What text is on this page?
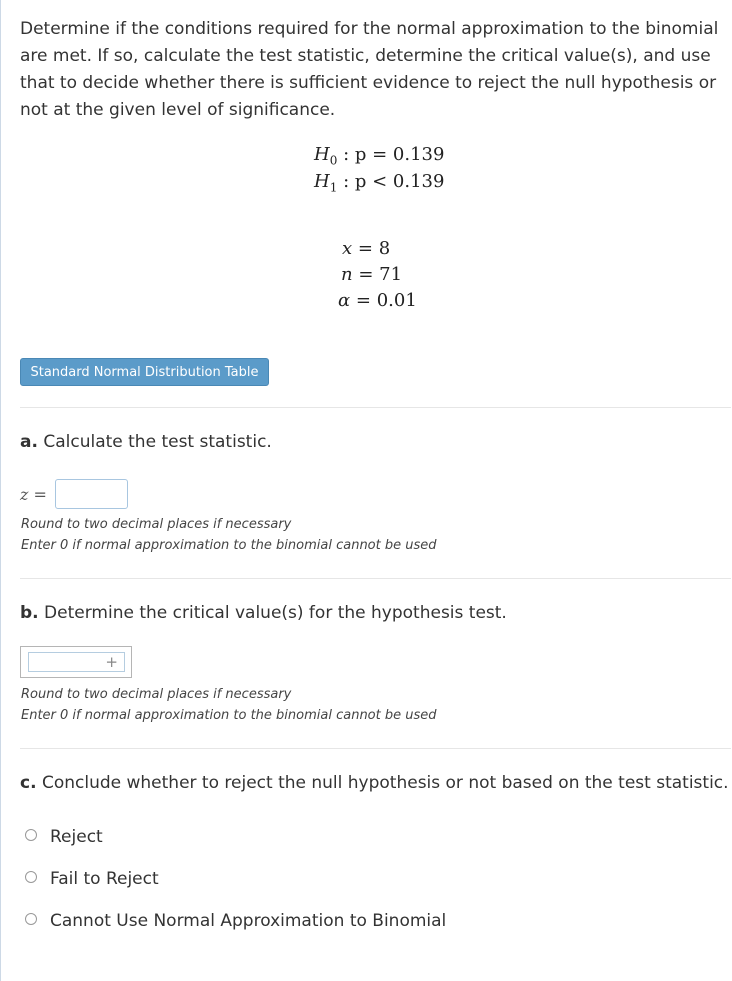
Determine if the conditions required for the normal approximation to the binomial are met. If so, calculate the test statistic, determine the critical value(s), and use that to decide whether there is sufficient evidence to reject the null hypothesis or not at the given level of significance.
$H_0$ : p = 0.139
$H_1$ : p < 0.139
x = 8
n = 71
α = 0.01
Standard Normal Distribution Table
a. Calculate the test statistic.
z =
Round to two decimal places if necessary
Enter 0 if normal approximation to the binomial cannot be used
b. Determine the critical value(s) for the hypothesis test.
+
Round to two decimal places if necessary
Enter 0 if normal approximation to the binomial cannot be used
c. Conclude whether to reject the null hypothesis or not based on the test statistic.
Reject
Fail to Reject
Cannot Use Normal Approximation to Binomial
